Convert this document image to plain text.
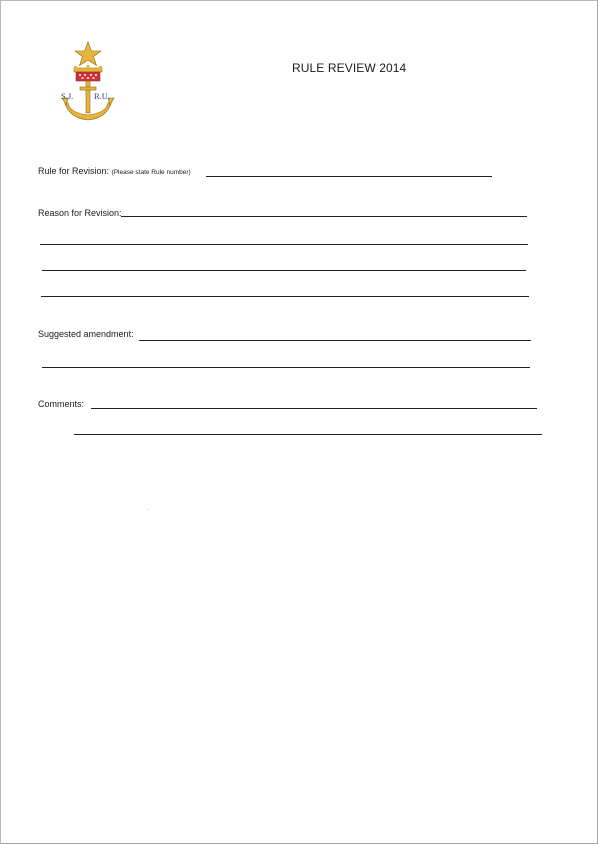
S.J. R.U.
RULE REVIEW 2014
Rule for Revision: (Please state Rule number)
Reason for Revision:
Suggested amendment:
Comments:
